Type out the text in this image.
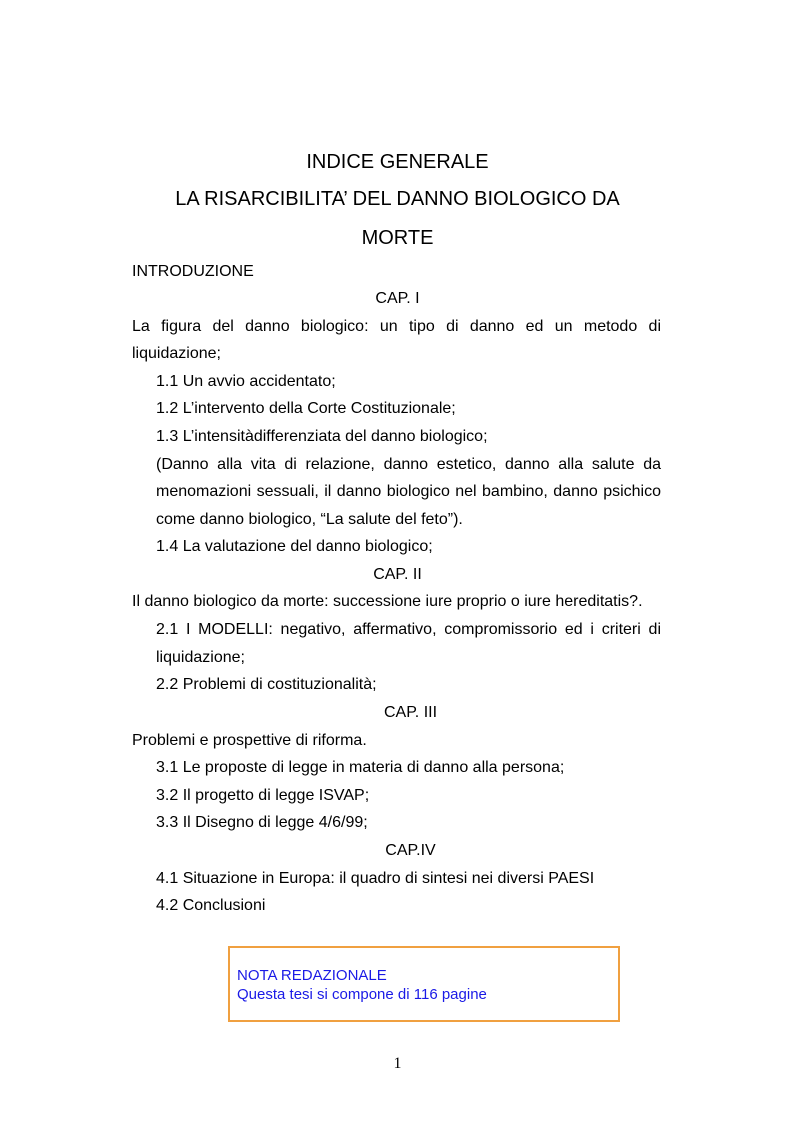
INDICE GENERALE
LA RISARCIBILITA’ DEL DANNO BIOLOGICO DA
MORTE
INTRODUZIONE
CAP. I
La figura del danno biologico: un tipo di danno ed un metodo di
liquidazione;
1.1 Un avvio accidentato;
1.2 L’intervento della Corte Costituzionale;
1.3 L’intensitàdifferenziata del danno biologico;
(Danno alla vita di relazione, danno estetico, danno alla salute da
menomazioni sessuali, il danno biologico nel bambino, danno psichico
come danno biologico, “La salute del feto”).
1.4 La valutazione del danno biologico;
CAP. II
Il danno biologico da morte: successione iure proprio o iure hereditatis?.
2.1 I MODELLI: negativo, affermativo, compromissorio ed i criteri di
liquidazione;
2.2 Problemi di costituzionalità;
CAP. III
Problemi e prospettive di riforma.
3.1 Le proposte di legge in materia di danno alla persona;
3.2 Il progetto di legge ISVAP;
3.3 Il Disegno di legge 4/6/99;
CAP.IV
4.1 Situazione in Europa: il quadro di sintesi nei diversi PAESI
4.2 Conclusioni
NOTA REDAZIONALE
Questa tesi si compone di 116 pagine
1
